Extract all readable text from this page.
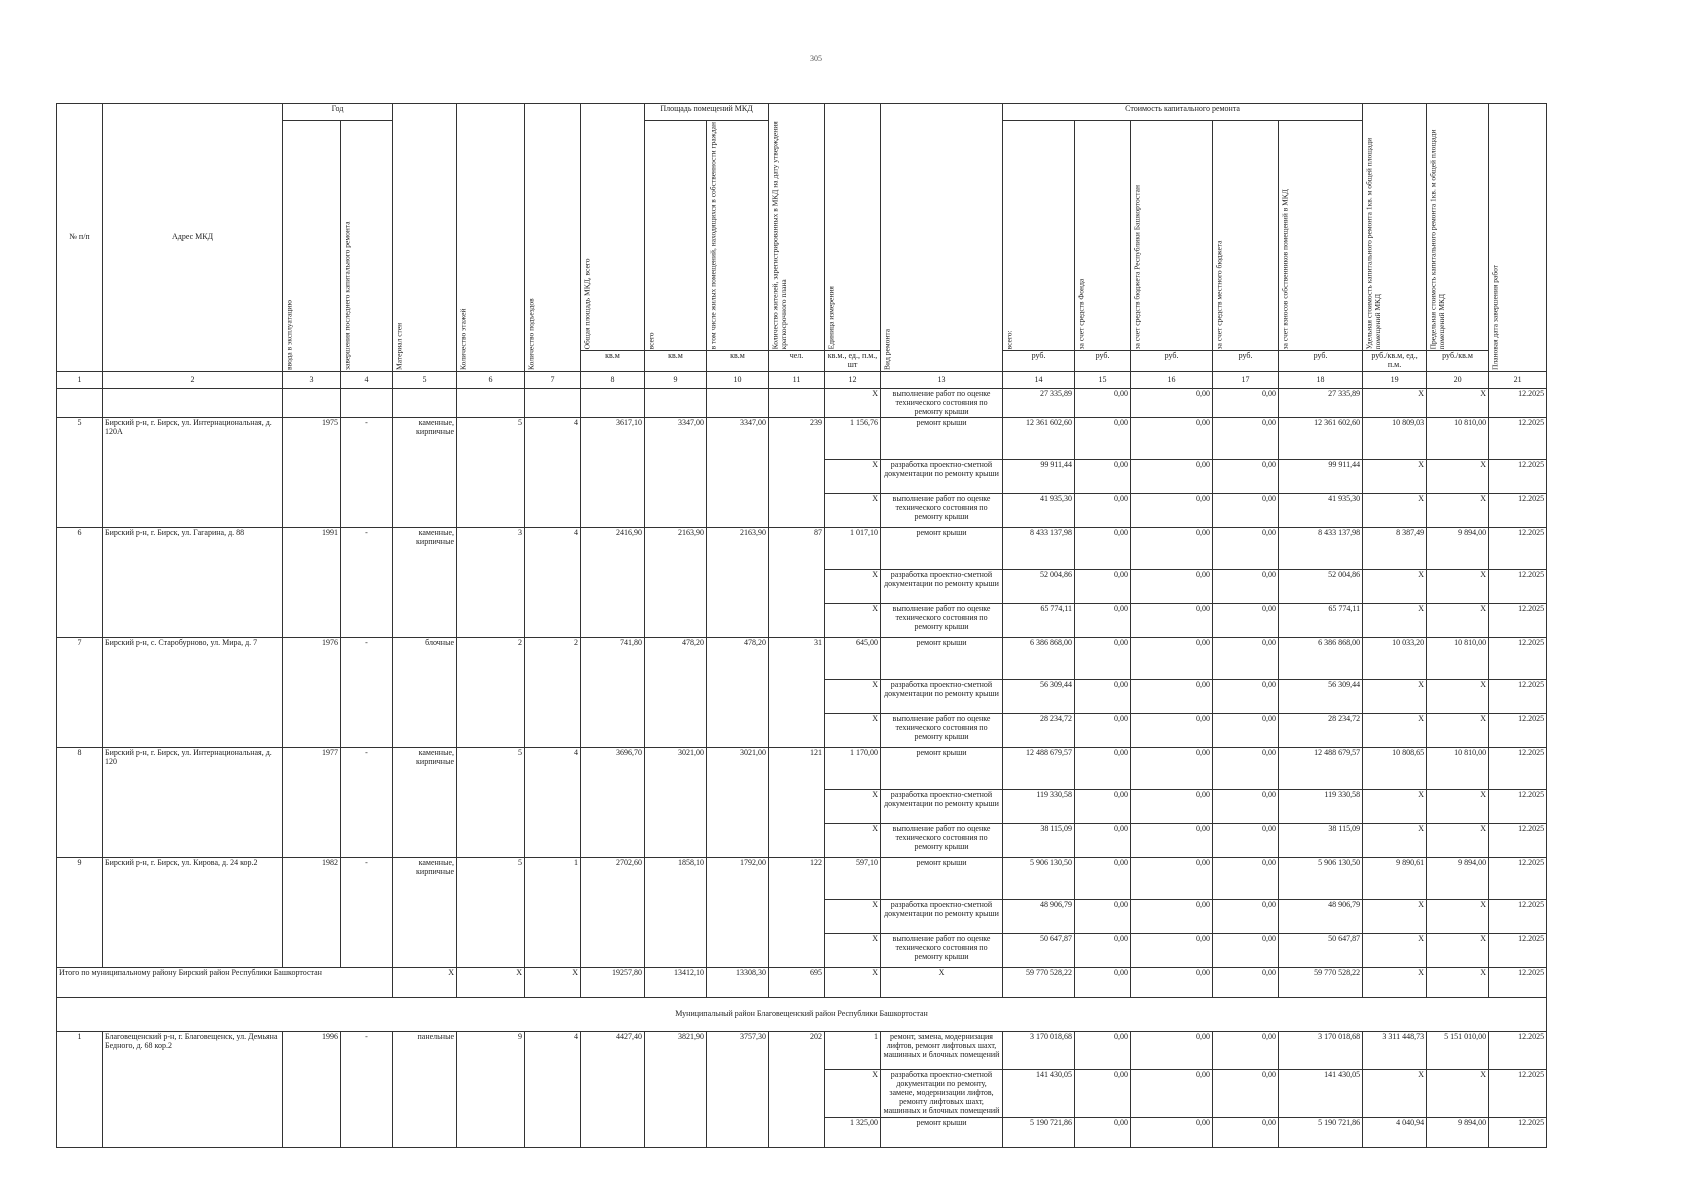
305
№ п/п	Адрес МКД	Год		Материал стен	Количество этажей	Количество подъездов	Общая площадь МКД, всего	Площадь помещений МКД		Количество жителей, зарегистрированных в МКД на дату утверждения краткосрочного плана	Единица измерения	Вид ремонта	Стоимость капитального ремонта					Удельная стоимость капитального ремонта 1кв. м общей площади помещений МКД	Предельная стоимость капитального ремонта 1кв. м общей площади помещений МКД	Плановая дата завершения работ
		ввода в эксплуатацию	завершения последнего капитального ремонта					всего	в том числе жилых помещений, находящихся в собственности граждан				всего:	за счет средств Фонда	за счет средств бюджета Республики Башкортостан	за счет средств местного бюджета	за счет взносов собственников помещений в МКД			
							кв.м	кв.м	кв.м	чел.	кв.м., ед., п.м., шт		руб.	руб.	руб.	руб.	руб.	руб./кв.м, ед., п.м.	руб./кв.м	
1	2	3	4	5	6	7	8	9	10	11	12	13	14	15	16	17	18	19	20	21
											X	выполнение работ по оценке технического состояния по ремонту крыши	27 335,89	0,00	0,00	0,00	27 335,89	X	X	12.2025
5	Бирский р-н, г. Бирск, ул. Интернациональная, д. 120А	1975	-	каменные, кирпичные	5	4	3617,10	3347,00	3347,00	239	1 156,76	ремонт крыши	12 361 602,60	0,00	0,00	0,00	12 361 602,60	10 809,03	10 810,00	12.2025
											X	разработка проектно-сметной документации по ремонту крыши	99 911,44	0,00	0,00	0,00	99 911,44	X	X	12.2025
											X	выполнение работ по оценке технического состояния по ремонту крыши	41 935,30	0,00	0,00	0,00	41 935,30	X	X	12.2025
6	Бирский р-н, г. Бирск, ул. Гагарина, д. 88	1991	-	каменные, кирпичные	3	4	2416,90	2163,90	2163,90	87	1 017,10	ремонт крыши	8 433 137,98	0,00	0,00	0,00	8 433 137,98	8 387,49	9 894,00	12.2025
											X	разработка проектно-сметной документации по ремонту крыши	52 004,86	0,00	0,00	0,00	52 004,86	X	X	12.2025
											X	выполнение работ по оценке технического состояния по ремонту крыши	65 774,11	0,00	0,00	0,00	65 774,11	X	X	12.2025
7	Бирский р-н, с. Старобурново, ул. Мира, д. 7	1976	-	блочные	2	2	741,80	478,20	478,20	31	645,00	ремонт крыши	6 386 868,00	0,00	0,00	0,00	6 386 868,00	10 033,20	10 810,00	12.2025
											X	разработка проектно-сметной документации по ремонту крыши	56 309,44	0,00	0,00	0,00	56 309,44	X	X	12.2025
											X	выполнение работ по оценке технического состояния по ремонту крыши	28 234,72	0,00	0,00	0,00	28 234,72	X	X	12.2025
8	Бирский р-н, г. Бирск, ул. Интернациональная, д. 120	1977	-	каменные, кирпичные	5	4	3696,70	3021,00	3021,00	121	1 170,00	ремонт крыши	12 488 679,57	0,00	0,00	0,00	12 488 679,57	10 808,65	10 810,00	12.2025
											X	разработка проектно-сметной документации по ремонту крыши	119 330,58	0,00	0,00	0,00	119 330,58	X	X	12.2025
											X	выполнение работ по оценке технического состояния по ремонту крыши	38 115,09	0,00	0,00	0,00	38 115,09	X	X	12.2025
9	Бирский р-н, г. Бирск, ул. Кирова, д. 24 кор.2	1982	-	каменные, кирпичные	5	1	2702,60	1858,10	1792,00	122	597,10	ремонт крыши	5 906 130,50	0,00	0,00	0,00	5 906 130,50	9 890,61	9 894,00	12.2025
											X	разработка проектно-сметной документации по ремонту крыши	48 906,79	0,00	0,00	0,00	48 906,79	X	X	12.2025
											X	выполнение работ по оценке технического состояния по ремонту крыши	50 647,87	0,00	0,00	0,00	50 647,87	X	X	12.2025
Итого по муниципальному району Бирский район Республики Башкортостан				X	X	X	19257,80	13412,10	13308,30	695	X	X	59 770 528,22	0,00	0,00	0,00	59 770 528,22	X	X	12.2025
Муниципальный район Благовещенский район Республики Башкортостан																				
1	Благовещенский р-н, г. Благовещенск, ул. Демьяна Бедного, д. 68 кор.2	1996	-	панельные	9	4	4427,40	3821,90	3757,30	202	1	ремонт, замена, модернизация лифтов, ремонт лифтовых шахт, машинных и блочных помещений	3 170 018,68	0,00	0,00	0,00	3 170 018,68	3 311 448,73	5 151 010,00	12.2025
											X	разработка проектно-сметной документации по ремонту, замене, модернизации лифтов, ремонту лифтовых шахт, машинных и блочных помещений	141 430,05	0,00	0,00	0,00	141 430,05	X	X	12.2025
											1 325,00	ремонт крыши	5 190 721,86	0,00	0,00	0,00	5 190 721,86	4 040,94	9 894,00	12.2025
